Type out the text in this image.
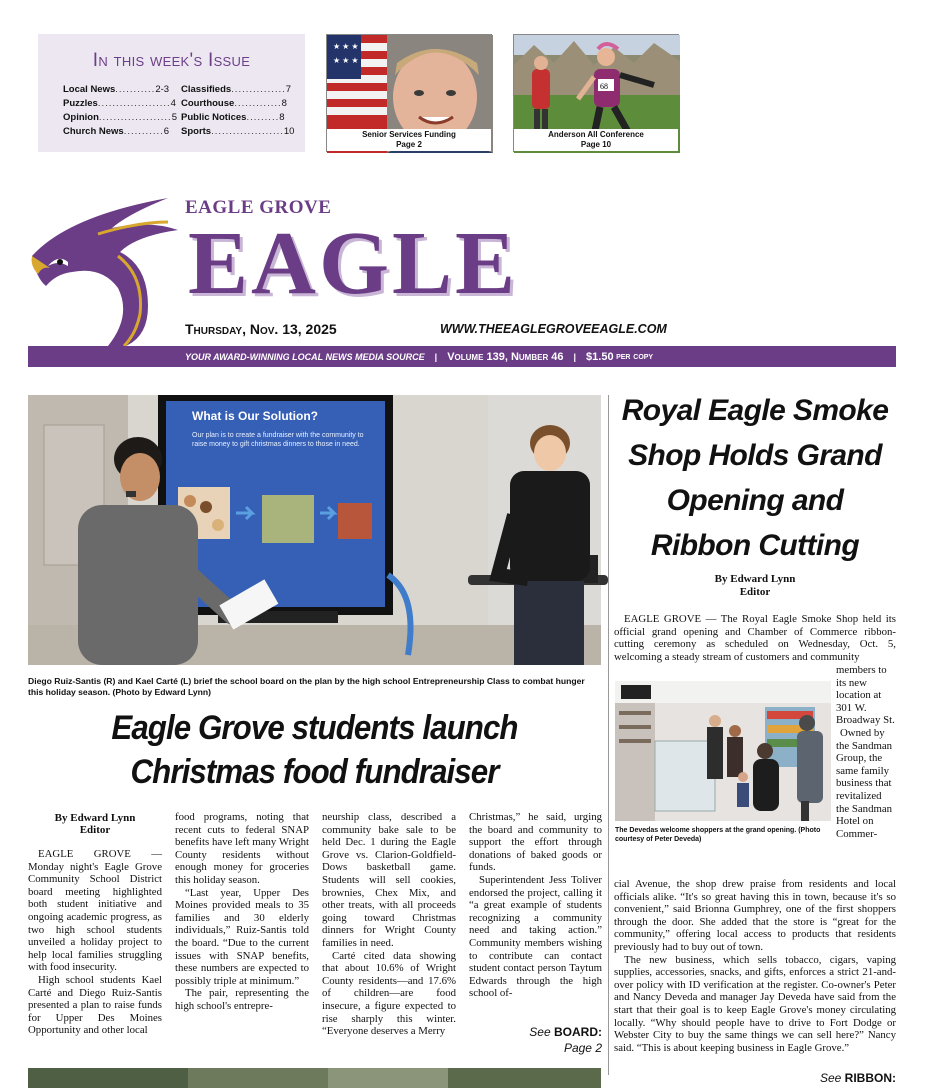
In this week's Issue
Local News ........... 2-3
Puzzles .................... 4
Opinion .................... 5
Church News ........... 6
Classifieds ............... 7
Courthouse ............. 8
Public Notices ......... 8
Sports .................... 10
★ ★ ★
★ ★ ★
Senior Services Funding
Page 2
68
Anderson All Conference
Page 10
EAGLE GROVE
EAGLE
Thursday, Nov. 13, 2025	WWW.THEEAGLEGROVEEAGLE.COM
YOUR AWARD-WINNING LOCAL NEWS MEDIA SOURCE | Volume 139, Number 46 | $1.50
per copy
What is Our Solution?
Our plan is to create a fundraiser with the community to raise money to gift christmas dinners to those in need.
Diego Ruiz-Santis (R) and Kael Carté (L) brief the school board on the plan by the high school Entrepreneurship Class to combat hunger this holiday season. (Photo by Edward Lynn)
Eagle Grove students launch
Christmas food fundraiser

By Edward Lynn

Editor

EAGLE GROVE — Monday night's Eagle Grove Community School District board meeting highlighted both student initiative and ongoing academic progress, as two high school students unveiled a holiday project to help local families struggling with food insecurity.

High school students Kael Carté and Diego Ruiz-Santis presented a plan to raise funds for Upper Des Moines Opportunity and other local

food programs, noting that recent cuts to federal SNAP benefits have left many Wright County residents without enough money for groceries this holiday season.

“Last year, Upper Des Moines provided meals to 35 families and 30 elderly individuals,” Ruiz-Santis told the board. “Due to the current issues with SNAP benefits, these numbers are expected to possibly triple at minimum.”

The pair, representing the high school's entrepre-

neurship class, described a community bake sale to be held Dec. 1 during the Eagle Grove vs. Clarion-Goldfield-Dows basketball game. Students will sell cookies, brownies, Chex Mix, and other treats, with all proceeds going toward Christmas dinners for Wright County families in need.

Carté cited data showing that about 10.6% of Wright County residents—and 17.6% of children—are food insecure, a figure expected to rise sharply this winter. “Everyone deserves a Merry

Christmas,” he said, urging the board and community to support the effort through donations of baked goods or funds.

Superintendent Jess Toliver endorsed the project, calling it “a great example of students recognizing a community need and taking action.” Community members wishing to contribute can contact student contact person Taytum Edwards through the high school of-

See BOARD:
Page 2
Royal Eagle Smoke Shop Holds Grand Opening and Ribbon Cutting
By Edward Lynn
Editor

EAGLE GROVE — The Royal Eagle Smoke Shop held its official grand opening and Chamber of Commerce ribbon-cutting ceremony as scheduled on Wednesday, Oct. 5, welcoming a steady stream of customers and community

members to its new location at 301 W. Broadway St.

Owned by the Sandman Group, the same family business that revitalized the Sandman Hotel on Commer-

The Devedas welcome shoppers at the grand opening. (Photo courtesy of Peter Deveda)

cial Avenue, the shop drew praise from residents and local officials alike. “It's so great having this in town, because it's so convenient,” said Brionna Gumphrey, one of the first shoppers through the door. She added that the store is “great for the community,” offering local access to products that residents previously had to buy out of town.

The new business, which sells tobacco, cigars, vaping supplies, accessories, snacks, and gifts, enforces a strict 21-and-over policy with ID verification at the register. Co-owner's Peter and Nancy Deveda and manager Jay Deveda have said from the start that their goal is to keep Eagle Grove's money circulating locally. “Why should people have to drive to Fort Dodge or Webster City to buy the same things we can sell here?” Nancy said. “This is about keeping business in Eagle Grove.”

See RIBBON:
